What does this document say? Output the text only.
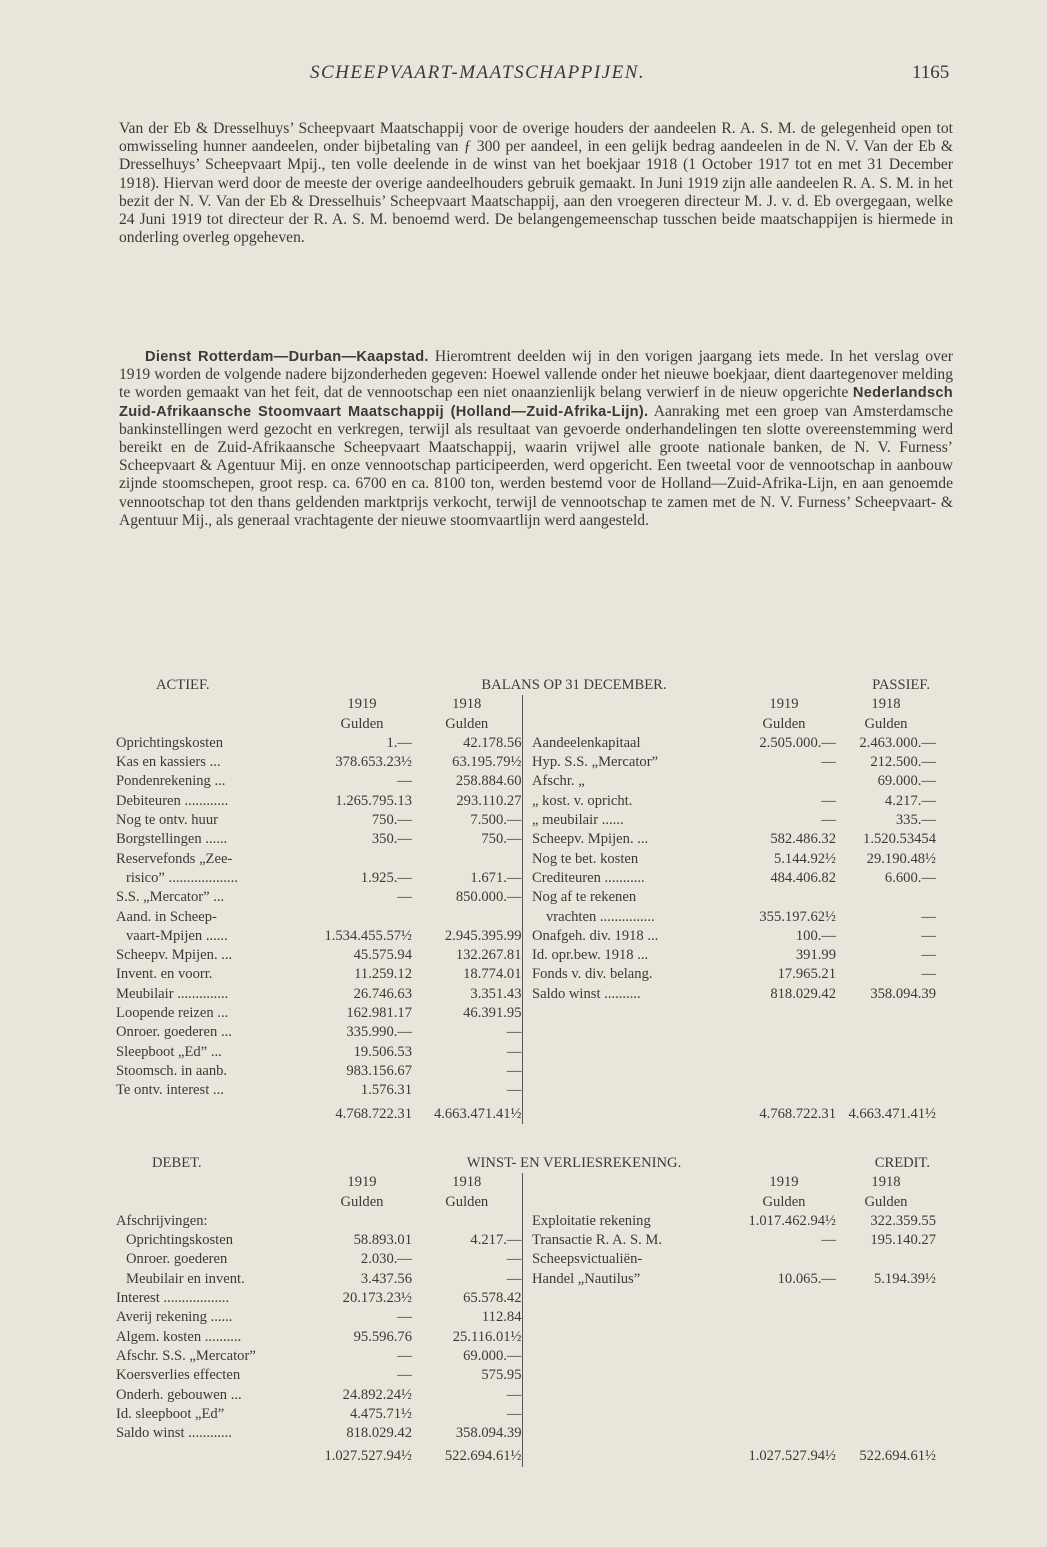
SCHEEPVAART-MAATSCHAPPIJEN.	1165

Van der Eb & Dresselhuys’ Scheepvaart Maatschappij voor de overige houders der aandeelen R. A. S. M. de gelegenheid open tot omwisseling hunner aandeelen, onder bijbetaling van ƒ 300 per aandeel, in een gelijk bedrag aandeelen in de N. V. Van der Eb & Dresselhuys’ Scheepvaart Mpij., ten volle deelende in de winst van het boekjaar 1918 (1 October 1917 tot en met 31 December 1918). Hiervan werd door de meeste der overige aandeelhouders gebruik gemaakt. In Juni 1919 zijn alle aandeelen R. A. S. M. in het bezit der N. V. Van der Eb & Dresselhuis’ Scheepvaart Maatschappij, aan den vroegeren directeur M. J. v. d. Eb overgegaan, welke 24 Juni 1919 tot directeur der R. A. S. M. benoemd werd. De belangengemeenschap tusschen beide maatschappijen is hiermede in onderling overleg opgeheven.

Dienst Rotterdam—Durban—Kaapstad. Hieromtrent deelden wij in den vorigen jaargang iets mede. In het verslag over 1919 worden de volgende nadere bijzonderheden gegeven: Hoewel vallende onder het nieuwe boekjaar, dient daartegenover melding te worden gemaakt van het feit, dat de vennootschap een niet onaanzienlijk belang verwierf in de nieuw opgerichte Nederlandsch Zuid-Afrikaansche Stoomvaart Maatschappij (Holland—Zuid-Afrika-Lijn). Aanraking met een groep van Amsterdamsche bankinstellingen werd gezocht en verkregen, terwijl als resultaat van gevoerde onderhandelingen ten slotte overeenstemming werd bereikt en de Zuid-Afrikaansche Scheepvaart Maatschappij, waarin vrijwel alle groote nationale banken, de N. V. Furness’ Scheepvaart & Agentuur Mij. en onze vennootschap participeerden, werd opgericht. Een tweetal voor de vennootschap in aanbouw zijnde stoomschepen, groot resp. ca. 6700 en ca. 8100 ton, werden bestemd voor de Holland—Zuid-Afrika-Lijn, en aan genoemde vennootschap tot den thans geldenden marktprijs verkocht, terwijl de vennootschap te zamen met de N. V. Furness’ Scheepvaart- & Agentuur Mij., als generaal vrachtagente der nieuwe stoomvaartlijn werd aangesteld.

ACTIEF.	BALANS OP 31 DECEMBER.					PASSIEF.
	1919	1918			1919	1918
	Gulden	Gulden			Gulden	Gulden
Oprichtingskosten	1.—	42.178.56		Aandeelenkapitaal	2.505.000.—	2.463.000.—
Kas en kassiers ...	378.653.23½	63.195.79½		Hyp. S.S. „Mercator”	—	212.500.—
Pondenrekening ...	—	258.884.60		Afschr. „		69.000.—
Debiteuren ............	1.265.795.13	293.110.27		„ kost. v. opricht.	—	4.217.—
Nog te ontv. huur	750.—	7.500.—		„ meubilair ......	—	335.—
Borgstellingen ......	350.—	750.—		Scheepv. Mpijen. ...	582.486.32	1.520.53454
Reservefonds „Zee-				Nog te bet. kosten	5.144.92½	29.190.48½
risico” ...................	1.925.—	1.671.—		Crediteuren ...........	484.406.82	6.600.—
S.S. „Mercator” ...	—	850.000.—		Nog af te rekenen		
Aand. in Scheep-				vrachten ...............	355.197.62½	—
vaart-Mpijen ......	1.534.455.57½	2.945.395.99		Onafgeh. div. 1918 ...	100.—	—
Scheepv. Mpijen. ...	45.575.94	132.267.81		Id. opr.bew. 1918 ...	391.99	—
Invent. en voorr.	11.259.12	18.774.01		Fonds v. div. belang.	17.965.21	—
Meubilair ..............	26.746.63	3.351.43		Saldo winst ..........	818.029.42	358.094.39
Loopende reizen ...	162.981.17	46.391.95				
Onroer. goederen ...	335.990.—	—				
Sleepboot „Ed” ...	19.506.53	—				
Stoomsch. in aanb.	983.156.67	—				
Te ontv. interest ...	1.576.31	—				
	4.768.722.31	4.663.471.41½			4.768.722.31	4.663.471.41½
DEBET.	WINST- EN VERLIESREKENING.					CREDIT.
	1919	1918			1919	1918
	Gulden	Gulden			Gulden	Gulden
Afschrijvingen:				Exploitatie rekening	1.017.462.94½	322.359.55
Oprichtingskosten	58.893.01	4.217.—		Transactie R. A. S. M.	—	195.140.27
Onroer. goederen	2.030.—	—		Scheepsvictualiën-		
Meubilair en invent.	3.437.56	—		Handel „Nautilus”	10.065.—	5.194.39½
Interest ..................	20.173.23½	65.578.42				
Averij rekening ......	—	112.84				
Algem. kosten ..........	95.596.76	25.116.01½				
Afschr. S.S. „Mercator”	—	69.000.—				
Koersverlies effecten	—	575.95				
Onderh. gebouwen ...	24.892.24½	—				
Id. sleepboot „Ed”	4.475.71½	—				
Saldo winst ............	818.029.42	358.094.39				
	1.027.527.94½	522.694.61½			1.027.527.94½	522.694.61½
